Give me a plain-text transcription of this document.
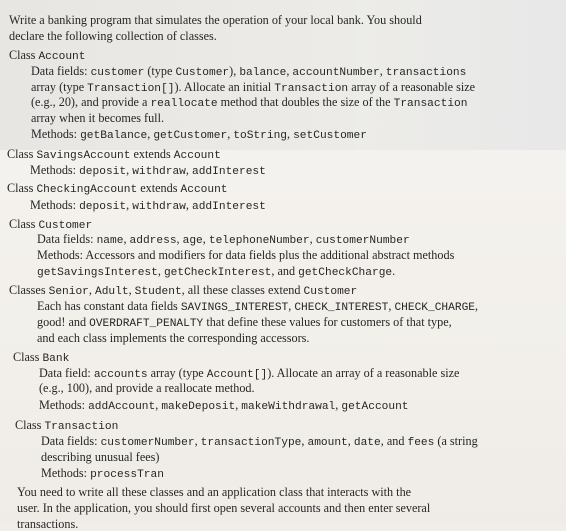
Write a banking program that simulates the operation of your local bank. You should
declare the following collection of classes.
Class Account
Data fields: customer (type Customer), balance, accountNumber, transactions
array (type Transaction[]). Allocate an initial Transaction array of a reasonable size
(e.g., 20), and provide a reallocate method that doubles the size of the Transaction
array when it becomes full.
Methods: getBalance, getCustomer, toString, setCustomer
Class SavingsAccount extends Account
Methods: deposit, withdraw, addInterest
Class CheckingAccount extends Account
Methods: deposit, withdraw, addInterest
Class Customer
Data fields: name, address, age, telephoneNumber, customerNumber
Methods: Accessors and modifiers for data fields plus the additional abstract methods
getSavingsInterest, getCheckInterest, and getCheckCharge.
Classes Senior, Adult, Student, all these classes extend Customer
Each has constant data fields SAVINGS_INTEREST, CHECK_INTEREST, CHECK_CHARGE,
good! and OVERDRAFT_PENALTY that define these values for customers of that type,
and each class implements the corresponding accessors.
Class Bank
Data field: accounts array (type Account[]). Allocate an array of a reasonable size
(e.g., 100), and provide a reallocate method.
Methods: addAccount, makeDeposit, makeWithdrawal, getAccount
Class Transaction
Data fields: customerNumber, transactionType, amount, date, and fees (a string
describing unusual fees)
Methods: processTran
You need to write all these classes and an application class that interacts with the
user. In the application, you should first open several accounts and then enter several
transactions.
